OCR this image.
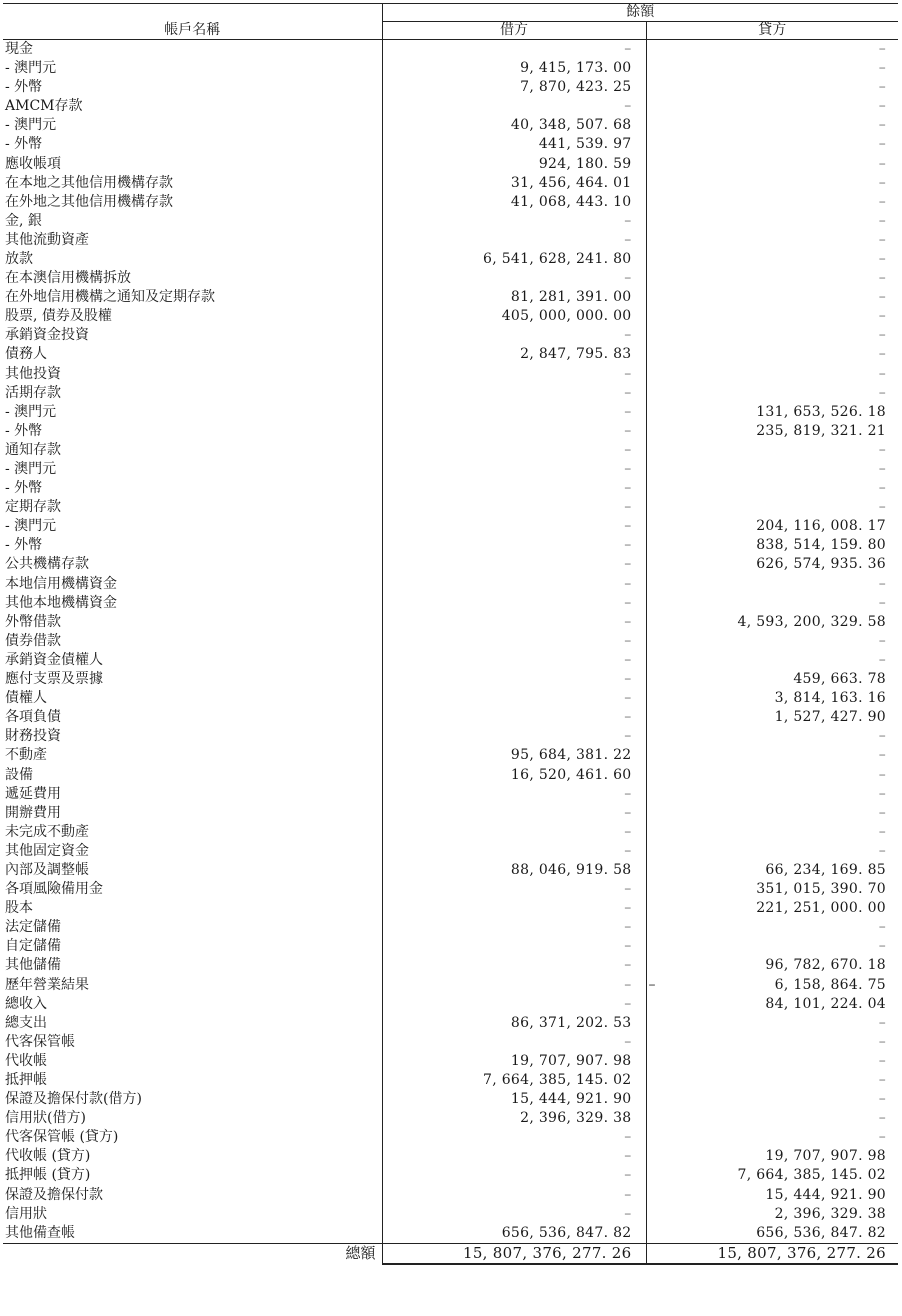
帳戶名稱	餘額	
	借方	貸方
現金	–	–
- 澳門元	9, 415, 173. 00	–
- 外幣	7, 870, 423. 25	–
AMCM存款	–	–
- 澳門元	40, 348, 507. 68	–
- 外幣	441, 539. 97	–
應收帳項	924, 180. 59	–
在本地之其他信用機構存款	31, 456, 464. 01	–
在外地之其他信用機構存款	41, 068, 443. 10	–
金, 銀	–	–
其他流動資產	–	–
放款	6, 541, 628, 241. 80	–
在本澳信用機構拆放	–	–
在外地信用機構之通知及定期存款	81, 281, 391. 00	–
股票, 債券及股權	405, 000, 000. 00	–
承銷資金投資	–	–
債務人	2, 847, 795. 83	–
其他投資	–	–
活期存款	–	–
- 澳門元	–	131, 653, 526. 18
- 外幣	–	235, 819, 321. 21
通知存款	–	–
- 澳門元	–	–
- 外幣	–	–
定期存款	–	–
- 澳門元	–	204, 116, 008. 17
- 外幣	–	838, 514, 159. 80
公共機構存款	–	626, 574, 935. 36
本地信用機構資金	–	–
其他本地機構資金	–	–
外幣借款	–	4, 593, 200, 329. 58
債券借款	–	–
承銷資金債權人	–	–
應付支票及票據	–	459, 663. 78
債權人	–	3, 814, 163. 16
各項負債	–	1, 527, 427. 90
財務投資	–	–
不動產	95, 684, 381. 22	–
設備	16, 520, 461. 60	–
遞延費用	–	–
開辦費用	–	–
未完成不動產	–	–
其他固定資金	–	–
內部及調整帳	88, 046, 919. 58	66, 234, 169. 85
各項風險備用金	–	351, 015, 390. 70
股本	–	221, 251, 000. 00
法定儲備	–	–
自定儲備	–	–
其他儲備	–	96, 782, 670. 18
歷年營業結果	–	– 6, 158, 864. 75
總收入	–	84, 101, 224. 04
總支出	86, 371, 202. 53	–
代客保管帳	–	–
代收帳	19, 707, 907. 98	–
抵押帳	7, 664, 385, 145. 02	–
保證及擔保付款(借方)	15, 444, 921. 90	–
信用狀(借方)	2, 396, 329. 38	–
代客保管帳 (貸方)	–	–
代收帳 (貸方)	–	19, 707, 907. 98
抵押帳 (貸方)	–	7, 664, 385, 145. 02
保證及擔保付款	–	15, 444, 921. 90
信用狀	–	2, 396, 329. 38
其他備查帳	656, 536, 847. 82	656, 536, 847. 82
總額	15, 807, 376, 277. 26	15, 807, 376, 277. 26
